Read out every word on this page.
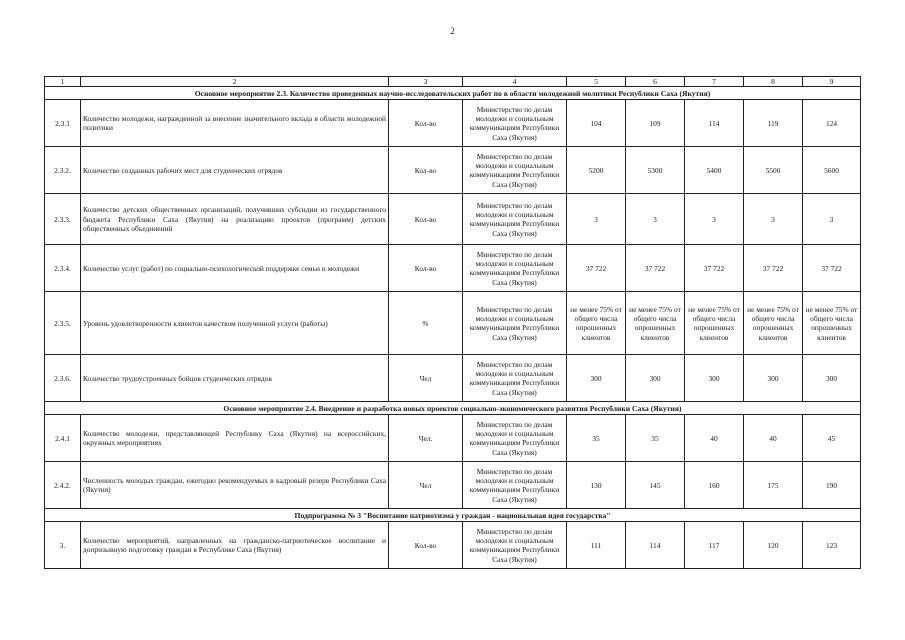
2
1	2	3	4	5	6	7	8	9
Основное мероприятие 2.3. Количество проведенных научно-исследовательских работ по в области молодежной молитики Республики Саха (Якутия)								
2.3.1	Количество молодежи, награжденной за внесение значительного вклада в области молодежной политики	Кол-во	Министерство по делам молодежи и социальным коммуникациям Республики Саха (Якутия)	104	109	114	119	124
2.3.2.	Количество созданных рабочих мест для студенческих отрядов	Кол-во	Министерство по делам молодежи и социальным коммуникациям Республики Саха (Якутия)	5200	5300	5400	5500	5600
2.3.3.	Количество детских общественных организаций, получивших субсидии из государственного бюджета Республики Саха (Якутия) на реализацию проектов (программ) детских общественных объединений	Кол-во	Министерство по делам молодежи и социальным коммуникациям Республики Саха (Якутия)	3	3	3	3	3
2.3.4.	Количество услуг (работ) по социально-психологической поддержке семьи и молодежи	Кол-во	Министерство по делам молодежи и социальным коммуникациям Республики Саха (Якутия)	37 722	37 722	37 722	37 722	37 722
2.3.5.	Уровень удовлетворенности клиентов качеством полученной услуги (работы)	%	Министерство по делам молодежи и социальным коммуникациям Республики Саха (Якутия)	не менее 75% от общего числа опрошенных клиентов	не менее 75% от общего числа опрошенных клиентов	не менее 75% от общего числа опрошенных клиентов	не менее 75% от общего числа опрошенных клиентов	не менее 75% от общего числа опрошенных клиентов
2.3.6.	Количество трудоустроенных бойцов студенческих отрядов	Чел	Министерство по делам молодежи и социальным коммуникациям Республики Саха (Якутия)	300	300	300	300	300
Основное мероприятие 2.4. Внедрение и разработка новых проектов социально-экономического развития Республики Саха (Якутия)								
2.4.1	Количество молодежи, представляющей Республику Саха (Якутия) на всероссийских, окружных мероприятиях	Чел.	Министерство по делам молодежи и социальным коммуникациям Республики Саха (Якутия)	35	35	40	40	45
2.4.2.	Численность молодых граждан, ежегодно рекомендуемых в кадровый резерв Республики Саха (Якутия)	Чел	Министерство по делам молодежи и социальным коммуникациям Республики Саха (Якутия)	130	145	160	175	190
Подпрограмма № 3 "Воспитание патриотизма у граждан - национальная идея государства"								
3.	Количество мероприятий, направленных на гражданско-патриотическое воспитание и допризывную подготовку граждан в Республике Саха (Якутия)	Кол-во	Министерство по делам молодежи и социальным коммуникациям Республики Саха (Якутия)	111	114	117	120	123
